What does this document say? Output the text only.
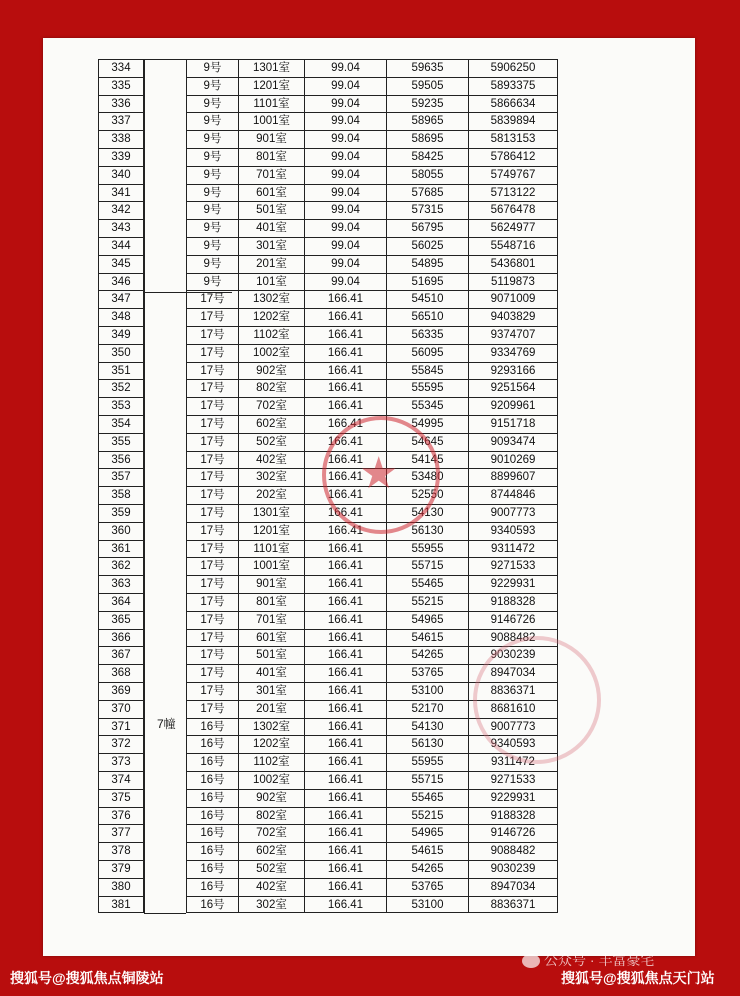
7幢
334	9号	1301室	99.04	59635	5906250
335	9号	1201室	99.04	59505	5893375
336	9号	1101室	99.04	59235	5866634
337	9号	1001室	99.04	58965	5839894
338	9号	901室	99.04	58695	5813153
339	9号	801室	99.04	58425	5786412
340	9号	701室	99.04	58055	5749767
341	9号	601室	99.04	57685	5713122
342	9号	501室	99.04	57315	5676478
343	9号	401室	99.04	56795	5624977
344	9号	301室	99.04	56025	5548716
345	9号	201室	99.04	54895	5436801
346	9号	101室	99.04	51695	5119873
347	17号	1302室	166.41	54510	9071009
348	17号	1202室	166.41	56510	9403829
349	17号	1102室	166.41	56335	9374707
350	17号	1002室	166.41	56095	9334769
351	17号	902室	166.41	55845	9293166
352	17号	802室	166.41	55595	9251564
353	17号	702室	166.41	55345	9209961
354	17号	602室	166.41	54995	9151718
355	17号	502室	166.41	54645	9093474
356	17号	402室	166.41	54145	9010269
357	17号	302室	166.41	53480	8899607
358	17号	202室	166.41	52550	8744846
359	17号	1301室	166.41	54130	9007773
360	17号	1201室	166.41	56130	9340593
361	17号	1101室	166.41	55955	9311472
362	17号	1001室	166.41	55715	9271533
363	17号	901室	166.41	55465	9229931
364	17号	801室	166.41	55215	9188328
365	17号	701室	166.41	54965	9146726
366	17号	601室	166.41	54615	9088482
367	17号	501室	166.41	54265	9030239
368	17号	401室	166.41	53765	8947034
369	17号	301室	166.41	53100	8836371
370	17号	201室	166.41	52170	8681610
371	16号	1302室	166.41	54130	9007773
372	16号	1202室	166.41	56130	9340593
373	16号	1102室	166.41	55955	9311472
374	16号	1002室	166.41	55715	9271533
375	16号	902室	166.41	55465	9229931
376	16号	802室	166.41	55215	9188328
377	16号	702室	166.41	54965	9146726
378	16号	602室	166.41	54615	9088482
379	16号	502室	166.41	54265	9030239
380	16号	402室	166.41	53765	8947034
381	16号	302室	166.41	53100	8836371
★
公众号 · 丰富豪宅
搜狐号@搜狐焦点铜陵站	搜狐号@搜狐焦点天门站
